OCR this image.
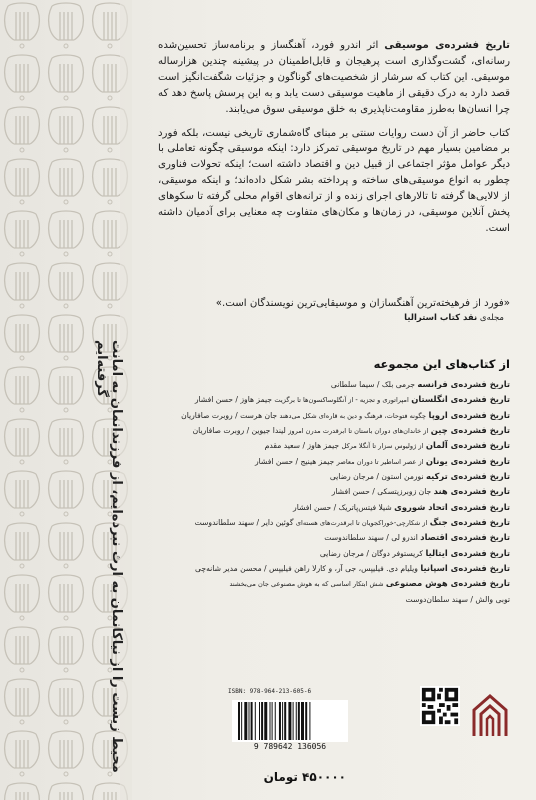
محیط زیست را از نیاکانمان به ارث نبرده‌ایم، از فرزندانمان به امانت گرفته‌ایم

تاریخ فشرده‌ی موسیقی اثر اندرو فورد، آهنگساز و برنامه‌ساز تحسین‌شده رسانه‌ای، گشت‌وگذاری است پرهیجان و قابل‌اطمینان در پیشینه چندین هزارساله موسیقی. این کتاب که سرشار از شخصیت‌های گوناگون و جزئیات شگفت‌انگیز است قصد دارد به درک دقیقی از ماهیت موسیقی دست یابد و به این پرسش پاسخ دهد که چرا انسان‌ها به‌طرز مقاومت‌ناپذیری به خلق موسیقی سوق می‌یابند.

کتاب حاضر از آن دست روایات سنتی بر مبنای گاه‌شماری تاریخی نیست، بلکه فورد بر مضامین بسیار مهم در تاریخ موسیقی تمرکز دارد: اینکه موسیقی چگونه تعاملی با دیگر عوامل مؤثر اجتماعی از قبیل دین و اقتصاد داشته است؛ اینکه تحولات فناوری چطور به انواع موسیقی‌های ساخته و پرداخته بشر شکل داده‌اند؛ و اینکه موسیقی، از لالایی‌ها گرفته تا تالارهای اجرای زنده و از ترانه‌های اقوام محلی گرفته تا سکوهای پخش آنلاین موسیقی، در زمان‌ها و مکان‌های متفاوت چه معنایی برای آدمیان داشته است.

«فورد از فرهیخته‌ترین آهنگسازان و موسیقایی‌ترین نویسندگان است.»
مجله‌ی نقد کتاب استرالیا
از کتاب‌های این مجموعه
تاریخ فشرده‌ی فرانسه جرمی بلک / سیما سلطانی
تاریخ فشرده‌ی انگلستان امپراتوری و تجزیه - از آنگلوساکسون‌ها تا برگزیت جیمز هاوز / حسن افشار
تاریخ فشرده‌ی اروپا چگونه فتوحات، فرهنگ و دین به قاره‌ای شکل می‌دهند جان هرست / روبرت صافاریان
تاریخ فشرده‌ی چین از خاندان‌های دوران باستان تا ابرقدرت مدرن امروز لیندا جیوین / روبرت صافاریان
تاریخ فشرده‌ی آلمان از ژولیوس سزار تا آنگلا مرکل جیمز هاوز / سعید مقدم
تاریخ فشرده‌ی یونان از عصر اساطیر تا دوران معاصر جیمز هینیج / حسن افشار
تاریخ فشرده‌ی ترکیه نورمن استون / مرجان رضایی
تاریخ فشرده‌ی هند جان زوبرزیتسکی / حسن افشار
تاریخ فشرده‌ی اتحاد شوروی شیلا فیتس‌پاتریک / حسن افشار
تاریخ فشرده‌ی جنگ از شکارچی-خوراکجویان تا ابرقدرت‌های هسته‌ای گوئین دایر / سهند سلطاندوست
تاریخ فشرده‌ی اقتصاد اندرو لی / سهند سلطاندوست
تاریخ فشرده‌ی ایتالیا کریستوفر دوگان / مرجان رضایی
تاریخ فشرده‌ی اسپانیا ویلیام دی. فیلیپس، جی آر، و کارلا راهن فیلیپس / محسن مدیر شانه‌چی
تاریخ فشرده‌ی هوش مصنوعی شش ابتکار اساسی که به هوش مصنوعی جان می‌بخشند
توبی والش / سهند سلطان‌دوست
ISBN: 978-964-213-605-6
9 789642 136056
۴۵۰۰۰۰ تومان
